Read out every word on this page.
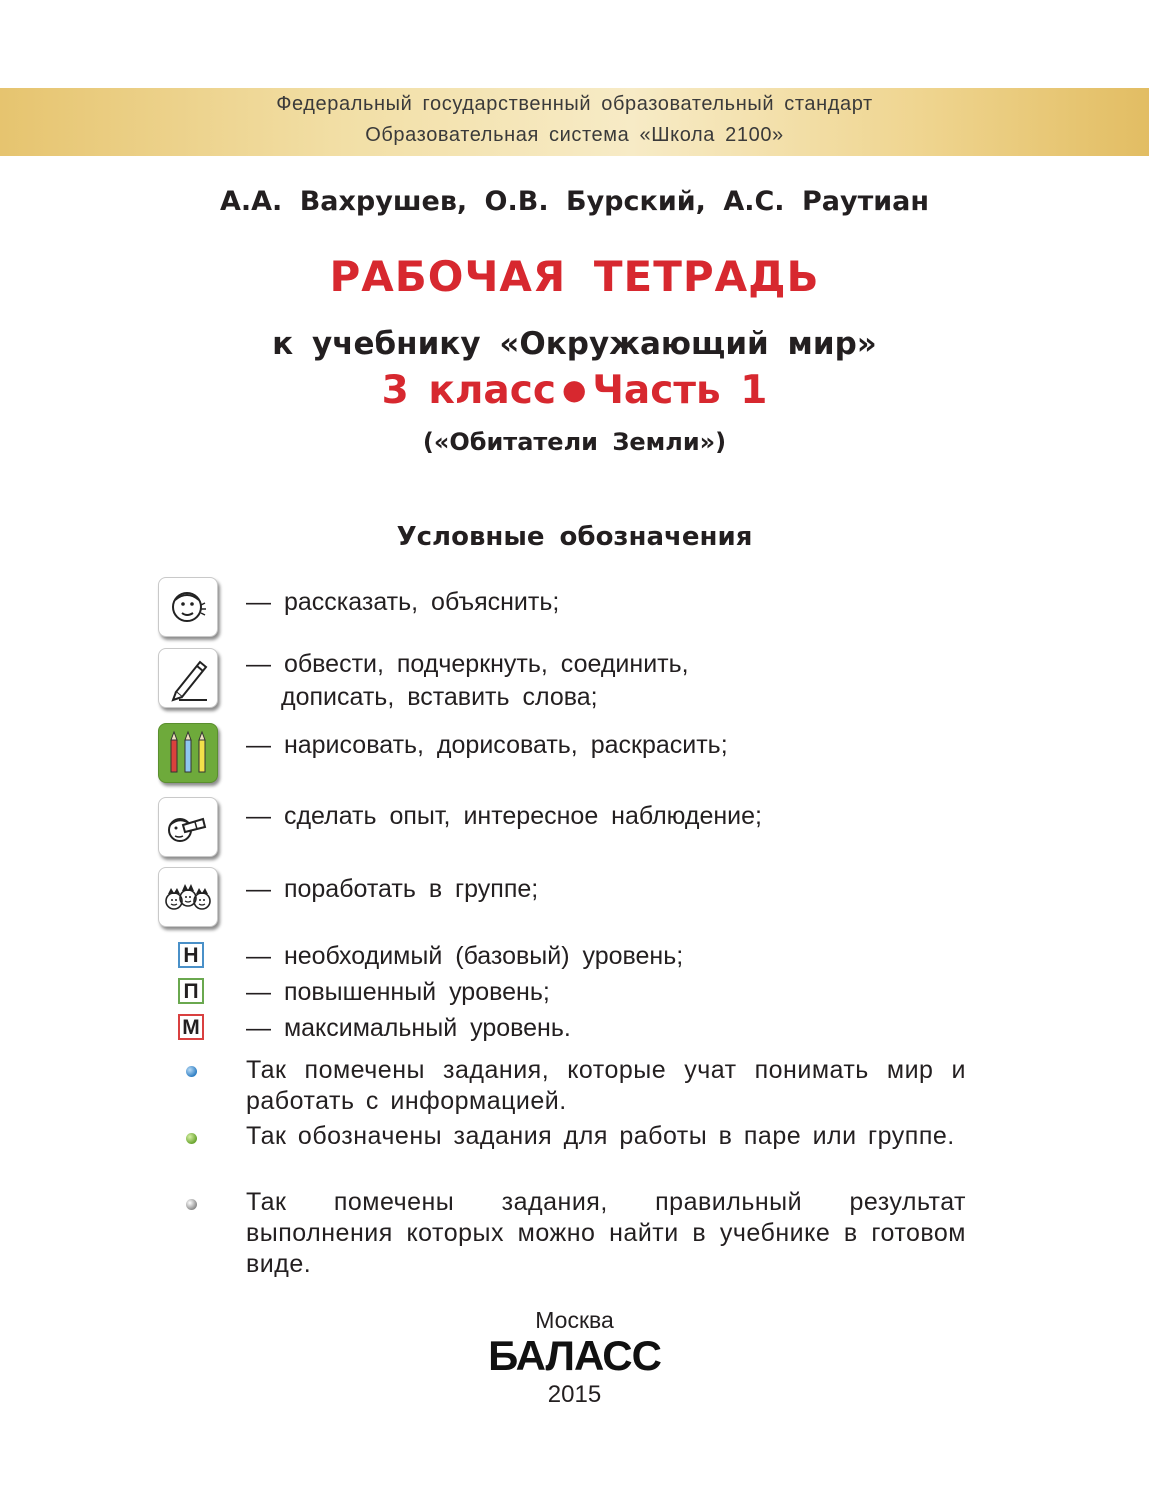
Федеральный государственный образовательный стандарт
Образовательная система «Школа 2100»
А.А. Вахрушев, О.В. Бурский, А.С. Раутиан
РАБОЧАЯ ТЕТРАДЬ
к учебнику «Окружающий мир»
3 класс ● Часть 1
(«Обитатели Земли»)
Условные обозначения
— рассказать, объяснить;
— обвести, подчеркнуть, соединить,
дописать, вставить слова;
— нарисовать, дорисовать, раскрасить;
— сделать опыт, интересное наблюдение;
— поработать в группе;
Н — необходимый (базовый) уровень;
П — повышенный уровень;
М — максимальный уровень.
Так помечены задания, которые учат понимать мир и работать с информацией.
Так обозначены задания для работы в паре или группе.
Так помечены задания, правильный результат выполнения которых можно найти в учебнике в готовом виде.
Москва
БАЛАСС
2015
